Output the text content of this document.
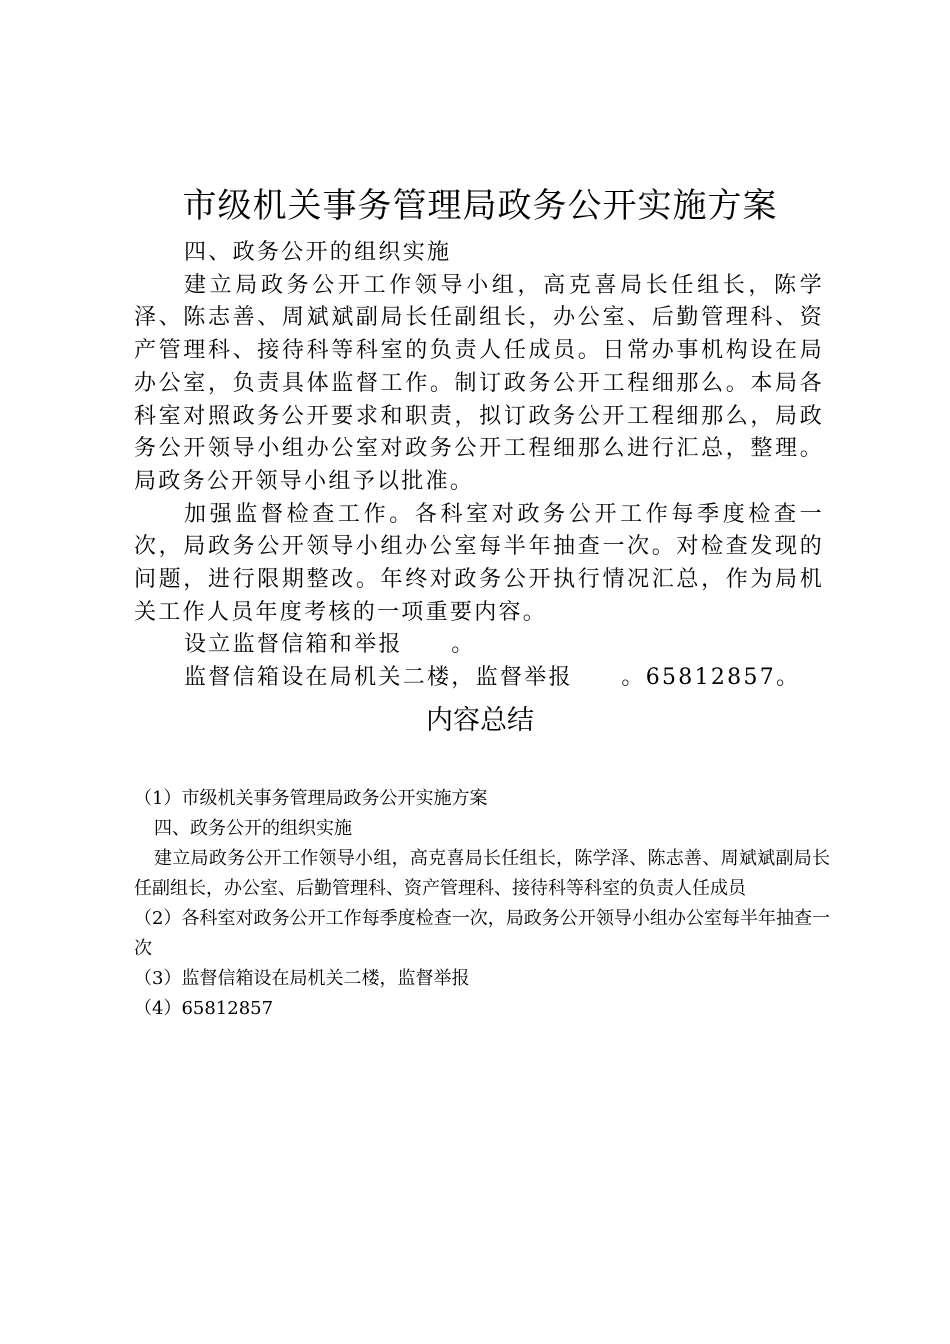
市级机关事务管理局政务公开实施方案

四、政务公开的组织实施

建立局政务公开工作领导小组，高克喜局长任组长，陈学泽、陈志善、周斌斌副局长任副组长，办公室、后勤管理科、资产管理科、接待科等科室的负责人任成员。日常办事机构设在局办公室，负责具体监督工作。制订政务公开工程细那么。本局各科室对照政务公开要求和职责，拟订政务公开工程细那么，局政务公开领导小组办公室对政务公开工程细那么进行汇总，整理。局政务公开领导小组予以批准。

加强监督检查工作。各科室对政务公开工作每季度检查一次，局政务公开领导小组办公室每半年抽查一次。对检查发现的问题，进行限期整改。年终对政务公开执行情况汇总，作为局机关工作人员年度考核的一项重要内容。

设立监督信箱和举报　　。

监督信箱设在局机关二楼，监督举报　　。65812857。

内容总结

（1）市级机关事务管理局政务公开实施方案

四、政务公开的组织实施

建立局政务公开工作领导小组，高克喜局长任组长，陈学泽、陈志善、周斌斌副局长任副组长，办公室、后勤管理科、资产管理科、接待科等科室的负责人任成员

（2）各科室对政务公开工作每季度检查一次，局政务公开领导小组办公室每半年抽查一次

（3）监督信箱设在局机关二楼，监督举报

（4）65812857
